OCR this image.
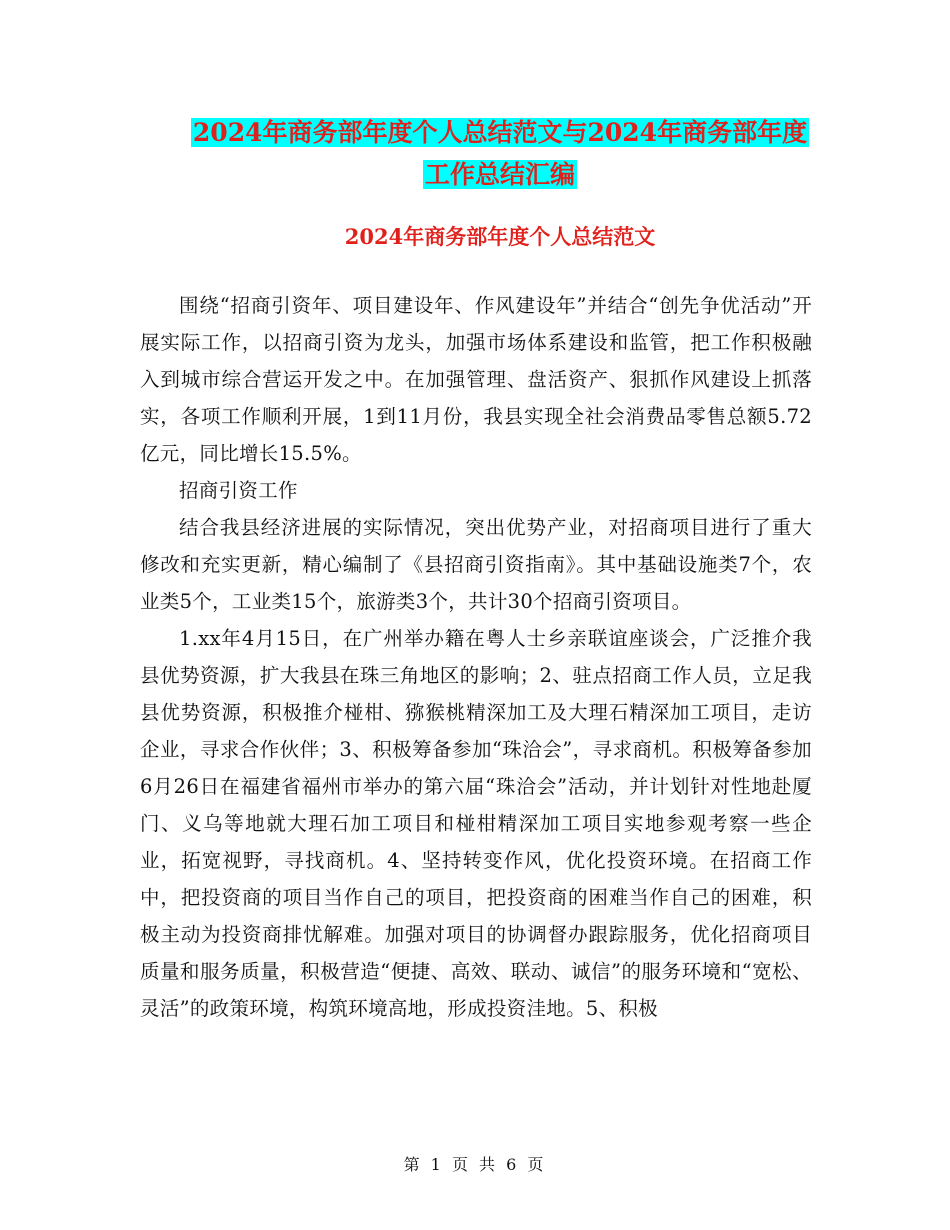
2024年商务部年度个人总结范文与2024年商务部年度
工作总结汇编
2024年商务部年度个人总结范文

围绕“招商引资年、项目建设年、作风建设年”并结合“创先争优活动”开展实际工作，以招商引资为龙头，加强市场体系建设和监管，把工作积极融入到城市综合营运开发之中。在加强管理、盘活资产、狠抓作风建设上抓落实，各项工作顺利开展，1到11月份，我县实现全社会消费品零售总额5.72亿元，同比增长15.5%。

招商引资工作

结合我县经济进展的实际情况，突出优势产业，对招商项目进行了重大修改和充实更新，精心编制了《县招商引资指南》。其中基础设施类7个，农业类5个，工业类15个，旅游类3个，共计30个招商引资项目。

1.xx年4月15日，在广州举办籍在粤人士乡亲联谊座谈会，广泛推介我县优势资源，扩大我县在珠三角地区的影响；2、驻点招商工作人员，立足我县优势资源，积极推介椪柑、猕猴桃精深加工及大理石精深加工项目，走访企业，寻求合作伙伴；3、积极筹备参加“珠洽会”，寻求商机。积极筹备参加6月26日在福建省福州市举办的第六届“珠洽会”活动，并计划针对性地赴厦门、义乌等地就大理石加工项目和椪柑精深加工项目实地参观考察一些企业，拓宽视野，寻找商机。4、坚持转变作风，优化投资环境。在招商工作中，把投资商的项目当作自己的项目，把投资商的困难当作自己的困难，积极主动为投资商排忧解难。加强对项目的协调督办跟踪服务，优化招商项目质量和服务质量，积极营造“便捷、高效、联动、诚信”的服务环境和“宽松、灵活”的政策环境，构筑环境高地，形成投资洼地。5、积极

第 1 页 共 6 页
